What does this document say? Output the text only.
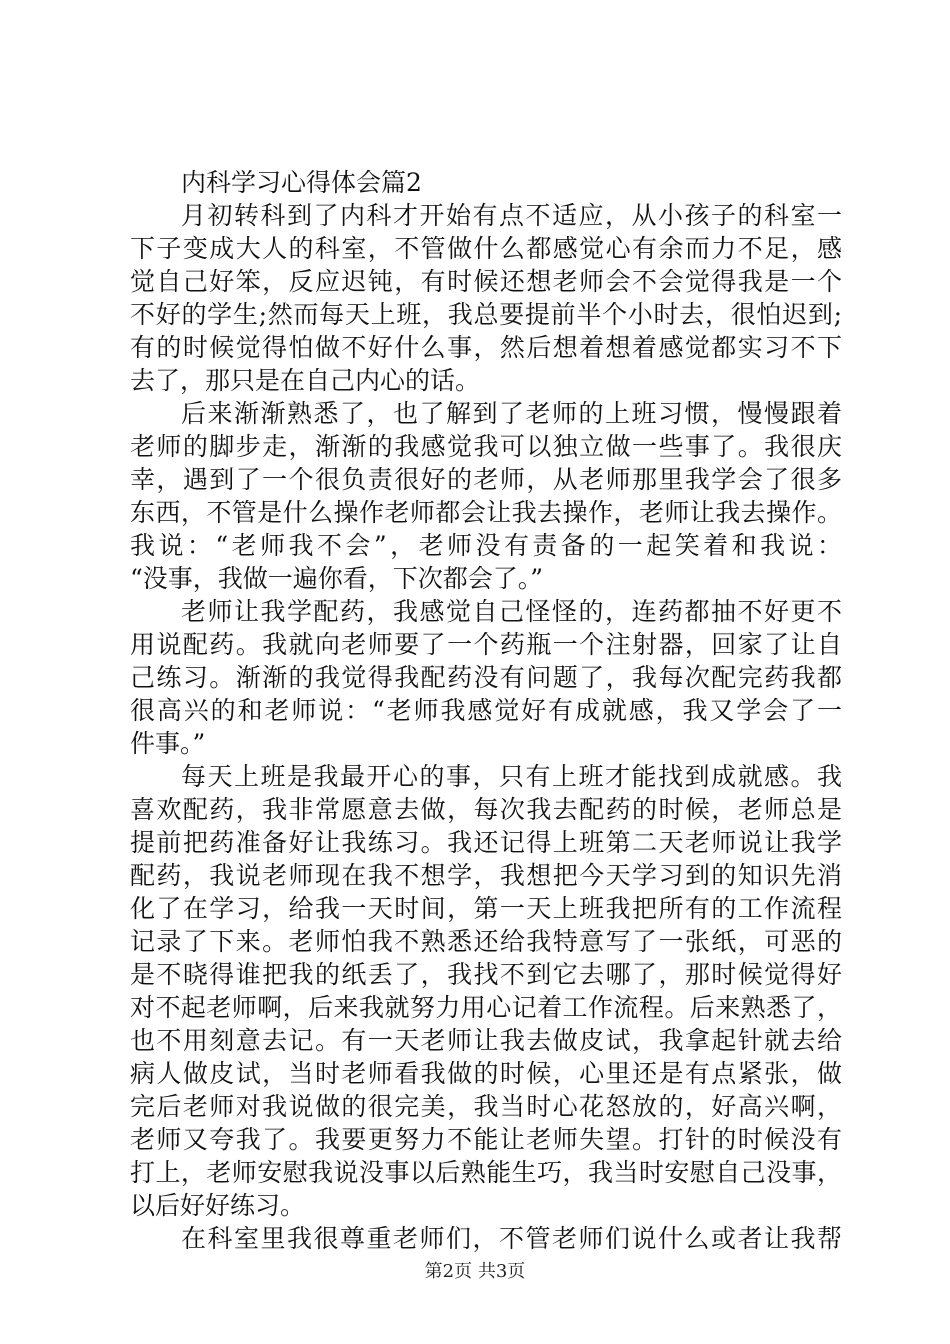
内科学习心得体会篇2
月初转科到了内科才开始有点不适应，从小孩子的科室一
下子变成大人的科室，不管做什么都感觉心有余而力不足，感
觉自己好笨，反应迟钝，有时候还想老师会不会觉得我是一个
不好的学生;然而每天上班，我总要提前半个小时去，很怕迟到;
有的时候觉得怕做不好什么事，然后想着想着感觉都实习不下
去了，那只是在自己内心的话。
后来渐渐熟悉了，也了解到了老师的上班习惯，慢慢跟着
老师的脚步走，渐渐的我感觉我可以独立做一些事了。我很庆
幸，遇到了一个很负责很好的老师，从老师那里我学会了很多
东西，不管是什么操作老师都会让我去操作，老师让我去操作。
我说：“老师我不会”，老师没有责备的一起笑着和我说：
“没事，我做一遍你看，下次都会了。”
老师让我学配药，我感觉自己怪怪的，连药都抽不好更不
用说配药。我就向老师要了一个药瓶一个注射器，回家了让自
己练习。渐渐的我觉得我配药没有问题了，我每次配完药我都
很高兴的和老师说：“老师我感觉好有成就感，我又学会了一
件事。”
每天上班是我最开心的事，只有上班才能找到成就感。我
喜欢配药，我非常愿意去做，每次我去配药的时候，老师总是
提前把药准备好让我练习。我还记得上班第二天老师说让我学
配药，我说老师现在我不想学，我想把今天学习到的知识先消
化了在学习，给我一天时间，第一天上班我把所有的工作流程
记录了下来。老师怕我不熟悉还给我特意写了一张纸，可恶的
是不晓得谁把我的纸丢了，我找不到它去哪了，那时候觉得好
对不起老师啊，后来我就努力用心记着工作流程。后来熟悉了，
也不用刻意去记。有一天老师让我去做皮试，我拿起针就去给
病人做皮试，当时老师看我做的时候，心里还是有点紧张，做
完后老师对我说做的很完美，我当时心花怒放的，好高兴啊，
老师又夸我了。我要更努力不能让老师失望。打针的时候没有
打上，老师安慰我说没事以后熟能生巧，我当时安慰自己没事，
以后好好练习。
在科室里我很尊重老师们，不管老师们说什么或者让我帮
第2页 共3页
